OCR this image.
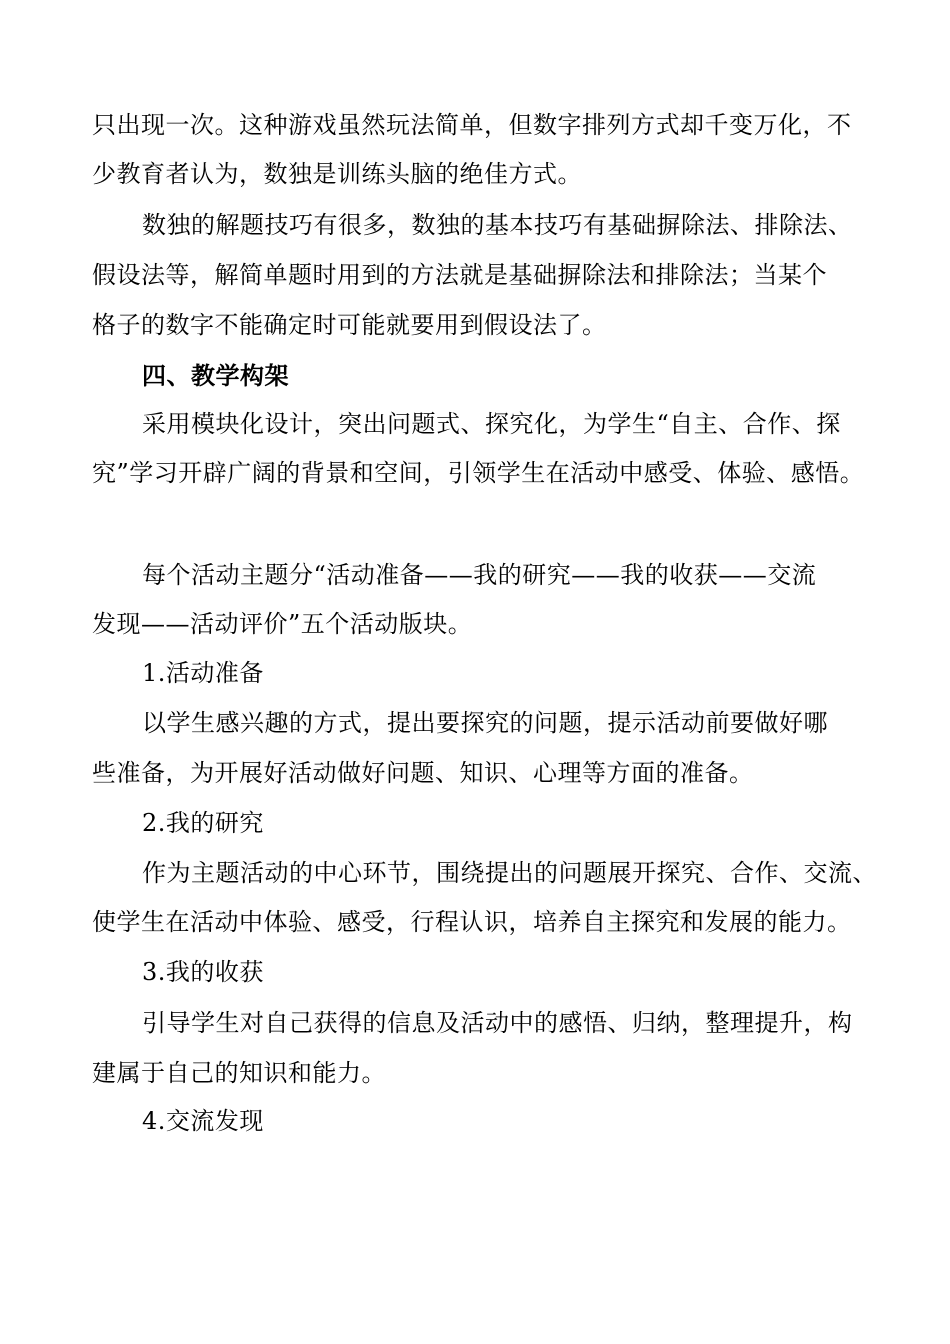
只出现一次。这种游戏虽然玩法简单，但数字排列方式却千变万化，不
少教育者认为，数独是训练头脑的绝佳方式。
数独的解题技巧有很多，数独的基本技巧有基础摒除法、排除法、
假设法等，解简单题时用到的方法就是基础摒除法和排除法；当某个
格子的数字不能确定时可能就要用到假设法了。
四、教学构架
采用模块化设计，突出问题式、探究化，为学生“自主、合作、探
究”学习开辟广阔的背景和空间，引领学生在活动中感受、体验、感悟。
每个活动主题分“活动准备——我的研究——我的收获——交流
发现——活动评价”五个活动版块。
1.活动准备
以学生感兴趣的方式，提出要探究的问题，提示活动前要做好哪
些准备，为开展好活动做好问题、知识、心理等方面的准备。
2.我的研究
作为主题活动的中心环节，围绕提出的问题展开探究、合作、交流、
使学生在活动中体验、感受，行程认识，培养自主探究和发展的能力。
3.我的收获
引导学生对自己获得的信息及活动中的感悟、归纳，整理提升，构
建属于自己的知识和能力。
4.交流发现
